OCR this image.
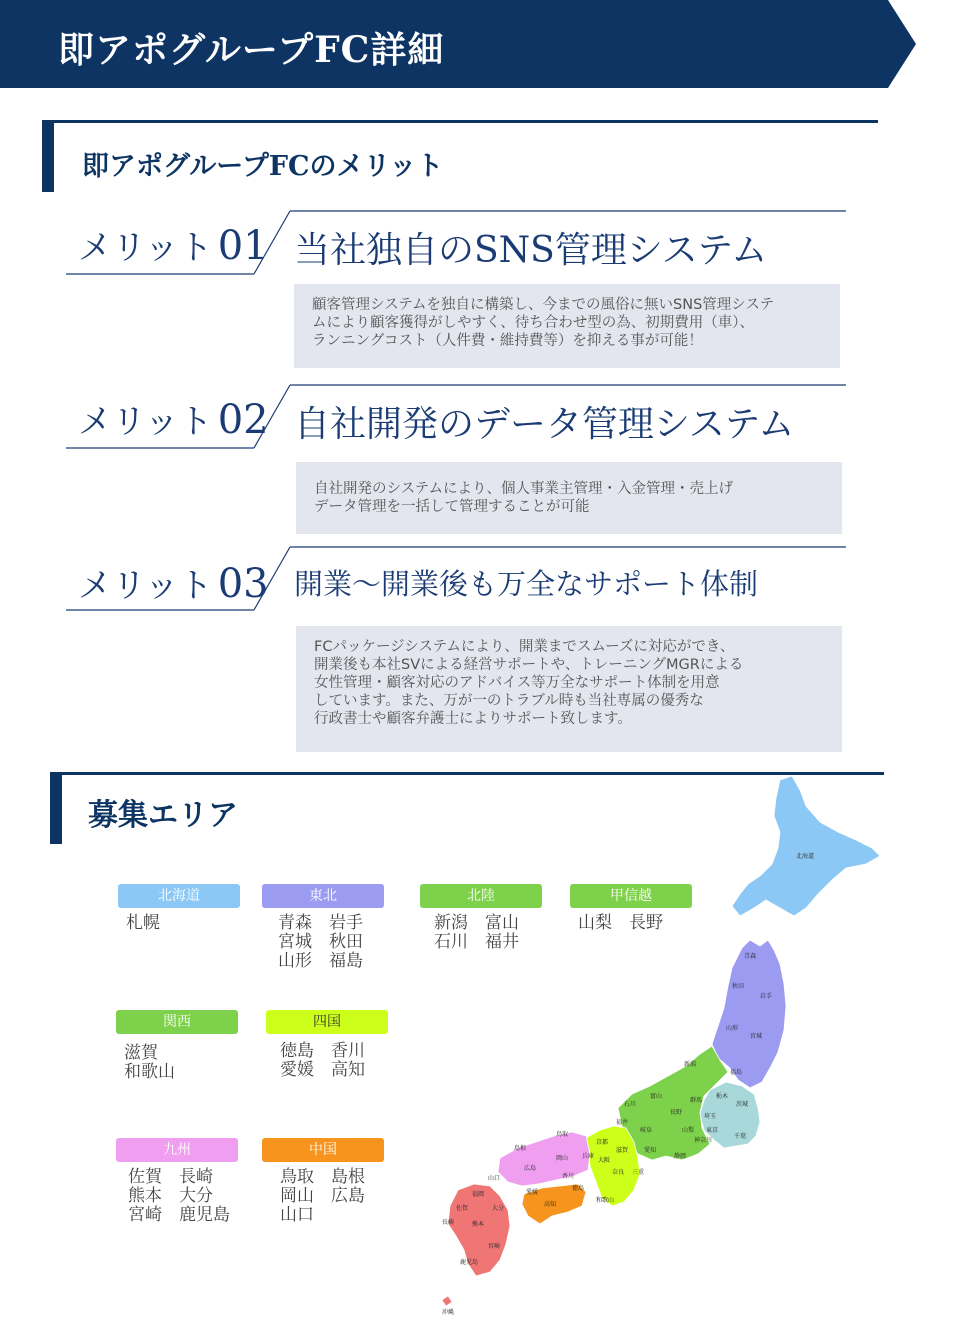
即アポグループFC詳細
即アポグループFCのメリット
メリット 01 当社独自のSNS管理システム

顧客管理システムを独自に構築し、今までの風俗に無いSNS管理システ

ムにより顧客獲得がしやすく、待ち合わせ型の為、初期費用（車）、

ランニングコスト（人件費・維持費等）を抑える事が可能！

メリット 02 自社開発のデータ管理システム

自社開発のシステムにより、個人事業主管理・入金管理・売上げ

データ管理を一括して管理することが可能

メリット 03 開業～開業後も万全なサポート体制

FCパッケージシステムにより、開業までスムーズに対応ができ、

開業後も本社SVによる経営サポートや、トレーニングMGRによる

女性管理・顧客対応のアドバイス等万全なサポート体制を用意

しています。また、万が一のトラブル時も当社専属の優秀な

行政書士や顧客弁護士によりサポート致します。

募集エリア
北海道
札幌
東北
青森　岩手
宮城　秋田
山形　福島
北陸
新潟　富山
石川　福井
甲信越
山梨　長野
関西
滋賀
和歌山
四国
徳島　香川
愛媛　高知
九州
佐賀　長崎
熊本　大分
宮崎　鹿児島
中国
鳥取　島根
岡山　広島
山口
北海道
青森
秋田
岩手
山形
宮城
新潟
福島
石川
富山
群馬
栃木
茨城
福井
長野
埼玉
岐阜	山梨 東京
千葉
神奈川
静岡
愛知
滋賀
京都
鳥取
島根
兵庫
岡山
広島
大阪
奈良 三重
山口	香川
徳島
愛媛
高知
和歌山
福岡
佐賀	大分
長崎	熊本
宮崎
鹿児島
沖縄
